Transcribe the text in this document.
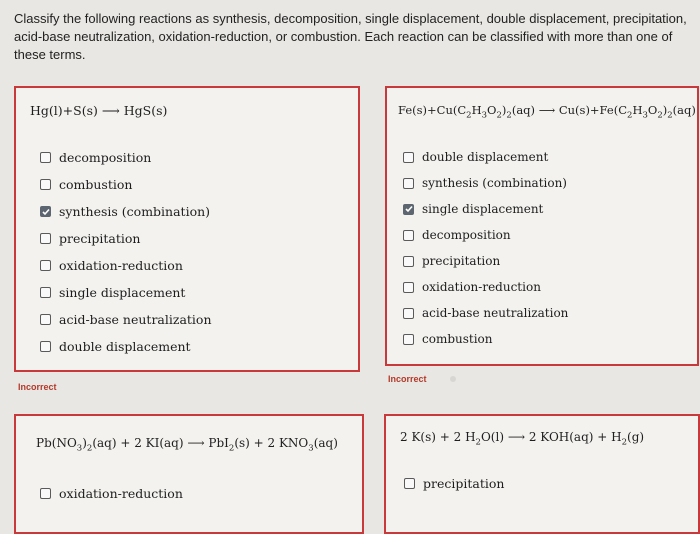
Classify the following reactions as synthesis, decomposition, single displacement, double displacement, precipitation, acid-base neutralization, oxidation-reduction, or combustion. Each reaction can be classified with more than one of these terms.
Hg(l)+S(s) ⟶ HgS(s)
decomposition
combustion
synthesis (combination)
precipitation
oxidation-reduction
single displacement
acid-base neutralization
double displacement
Incorrect
$Fe(s)+Cu(C_2H_3O_2)_2(aq)$ ⟶ $Cu(s)+Fe(C_2H_3O_2)_2(aq)$
double displacement
synthesis (combination)
single displacement
decomposition
precipitation
oxidation-reduction
acid-base neutralization
combustion
Incorrect
$Pb(NO_3)_2(aq) + 2$ KI(aq) ⟶ PbI$_2$(s) + 2 $KNO_3(aq)$
oxidation-reduction
2 K(s) + 2 $H_2O(l)$ ⟶ 2 $KOH(aq) + H_2(g)$
precipitation
